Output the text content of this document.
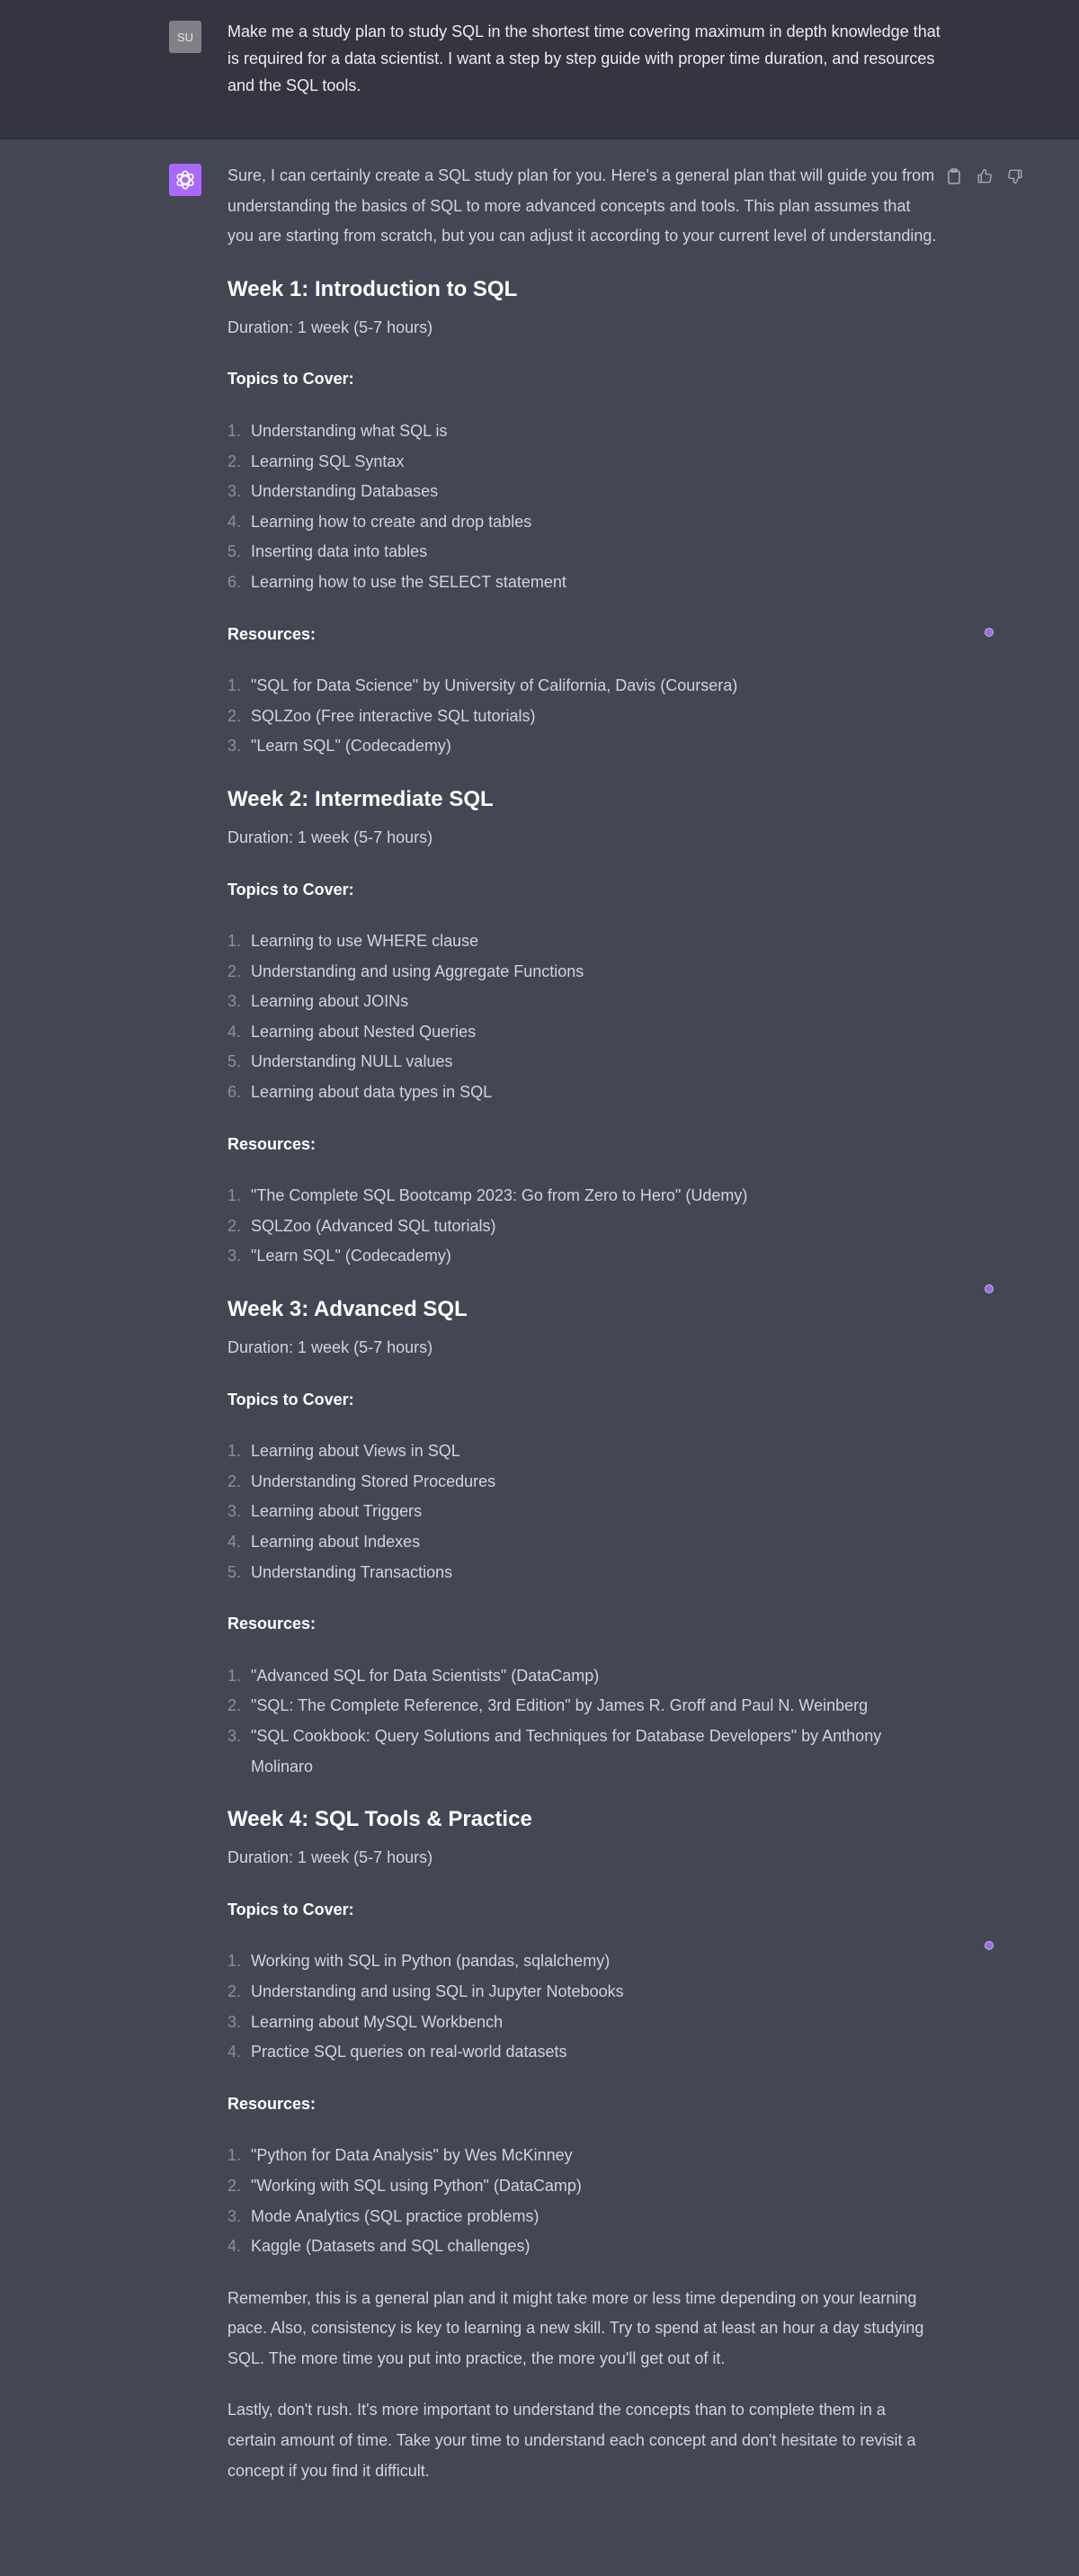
SU	Make me a study plan to study SQL in the shortest time covering maximum in depth knowledge that is required for a data scientist. I want a step by step guide with proper time duration, and resources and the SQL tools.

Sure, I can certainly create a SQL study plan for you. Here's a general plan that will guide you from understanding the basics of SQL to more advanced concepts and tools. This plan assumes that you are starting from scratch, but you can adjust it according to your current level of understanding.

Week 1: Introduction to SQL

Duration: 1 week (5-7 hours)

Topics to Cover:

1. Understanding what SQL is
2. Learning SQL Syntax
3. Understanding Databases
4. Learning how to create and drop tables
5. Inserting data into tables
6. Learning how to use the SELECT statement

Resources:

1. "SQL for Data Science" by University of California, Davis (Coursera)
2. SQLZoo (Free interactive SQL tutorials)
3. "Learn SQL" (Codecademy)
Week 2: Intermediate SQL

Duration: 1 week (5-7 hours)

Topics to Cover:

1. Learning to use WHERE clause
2. Understanding and using Aggregate Functions
3. Learning about JOINs
4. Learning about Nested Queries
5. Understanding NULL values
6. Learning about data types in SQL

Resources:

1. "The Complete SQL Bootcamp 2023: Go from Zero to Hero" (Udemy)
2. SQLZoo (Advanced SQL tutorials)
3. "Learn SQL" (Codecademy)
Week 3: Advanced SQL

Duration: 1 week (5-7 hours)

Topics to Cover:

1. Learning about Views in SQL
2. Understanding Stored Procedures
3. Learning about Triggers
4. Learning about Indexes
5. Understanding Transactions

Resources:

1. "Advanced SQL for Data Scientists" (DataCamp)
2. "SQL: The Complete Reference, 3rd Edition" by James R. Groff and Paul N. Weinberg
3. "SQL Cookbook: Query Solutions and Techniques for Database Developers" by Anthony Molinaro
Week 4: SQL Tools & Practice

Duration: 1 week (5-7 hours)

Topics to Cover:

1. Working with SQL in Python (pandas, sqlalchemy)
2. Understanding and using SQL in Jupyter Notebooks
3. Learning about MySQL Workbench
4. Practice SQL queries on real-world datasets

Resources:

1. "Python for Data Analysis" by Wes McKinney
2. "Working with SQL using Python" (DataCamp)
3. Mode Analytics (SQL practice problems)
4. Kaggle (Datasets and SQL challenges)

Remember, this is a general plan and it might take more or less time depending on your learning pace. Also, consistency is key to learning a new skill. Try to spend at least an hour a day studying SQL. The more time you put into practice, the more you'll get out of it.

Lastly, don't rush. It's more important to understand the concepts than to complete them in a certain amount of time. Take your time to understand each concept and don't hesitate to revisit a concept if you find it difficult.
